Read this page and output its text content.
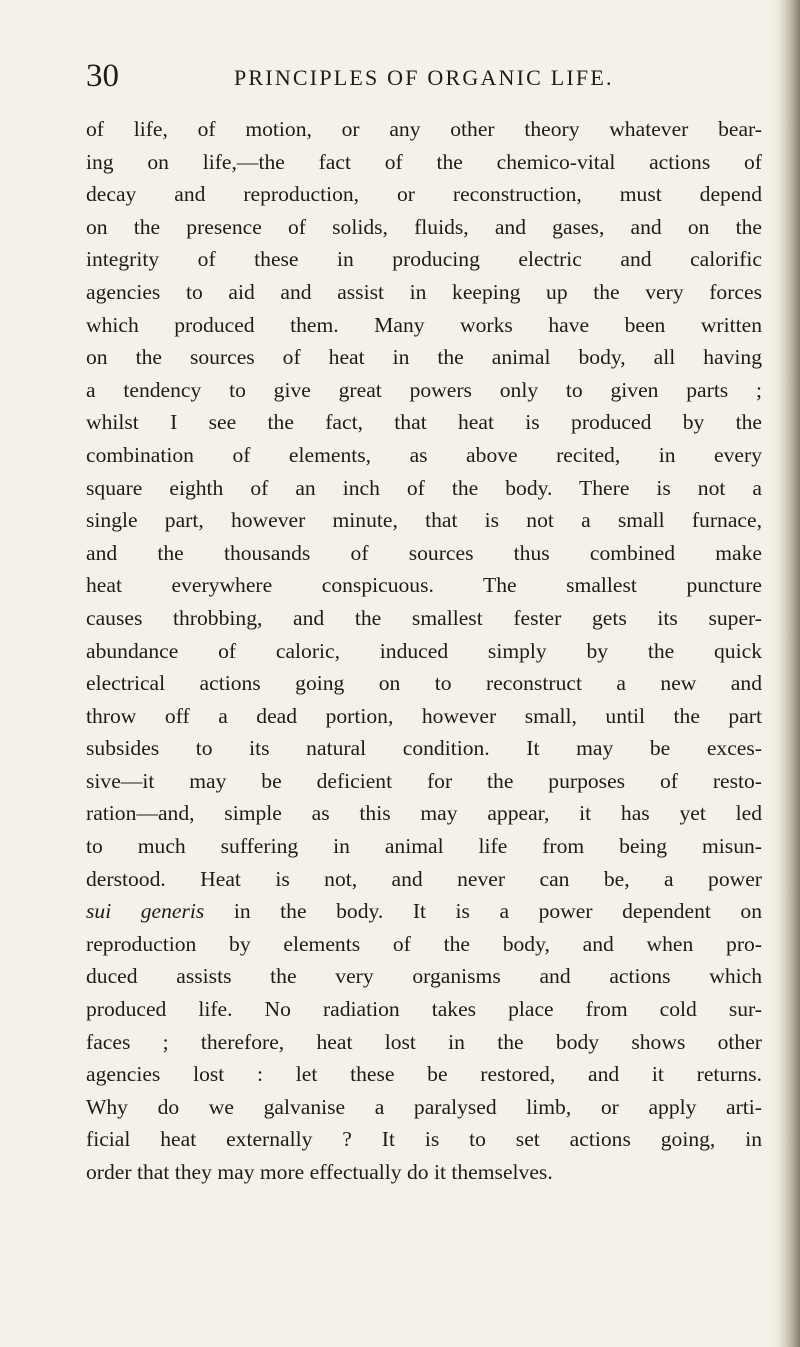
30	PRINCIPLES OF ORGANIC LIFE.
of life, of motion, or any other theory whatever bear-
ing on life,—the fact of the chemico-vital actions of
decay and reproduction, or reconstruction, must depend
on the presence of solids, fluids, and gases, and on the
integrity of these in producing electric and calorific
agencies to aid and assist in keeping up the very forces
which produced them. Many works have been written
on the sources of heat in the animal body, all having
a tendency to give great powers only to given parts ;
whilst I see the fact, that heat is produced by the
combination of elements, as above recited, in every
square eighth of an inch of the body. There is not a
single part, however minute, that is not a small furnace,
and the thousands of sources thus combined make
heat everywhere conspicuous. The smallest puncture
causes throbbing, and the smallest fester gets its super-
abundance of caloric, induced simply by the quick
electrical actions going on to reconstruct a new and
throw off a dead portion, however small, until the part
subsides to its natural condition. It may be exces-
sive—it may be deficient for the purposes of resto-
ration—and, simple as this may appear, it has yet led
to much suffering in animal life from being misun-
derstood. Heat is not, and never can be, a power
sui generis in the body. It is a power dependent on
reproduction by elements of the body, and when pro-
duced assists the very organisms and actions which
produced life. No radiation takes place from cold sur-
faces ; therefore, heat lost in the body shows other
agencies lost : let these be restored, and it returns.
Why do we galvanise a paralysed limb, or apply arti-
ficial heat externally ? It is to set actions going, in
order that they may more effectually do it themselves.
